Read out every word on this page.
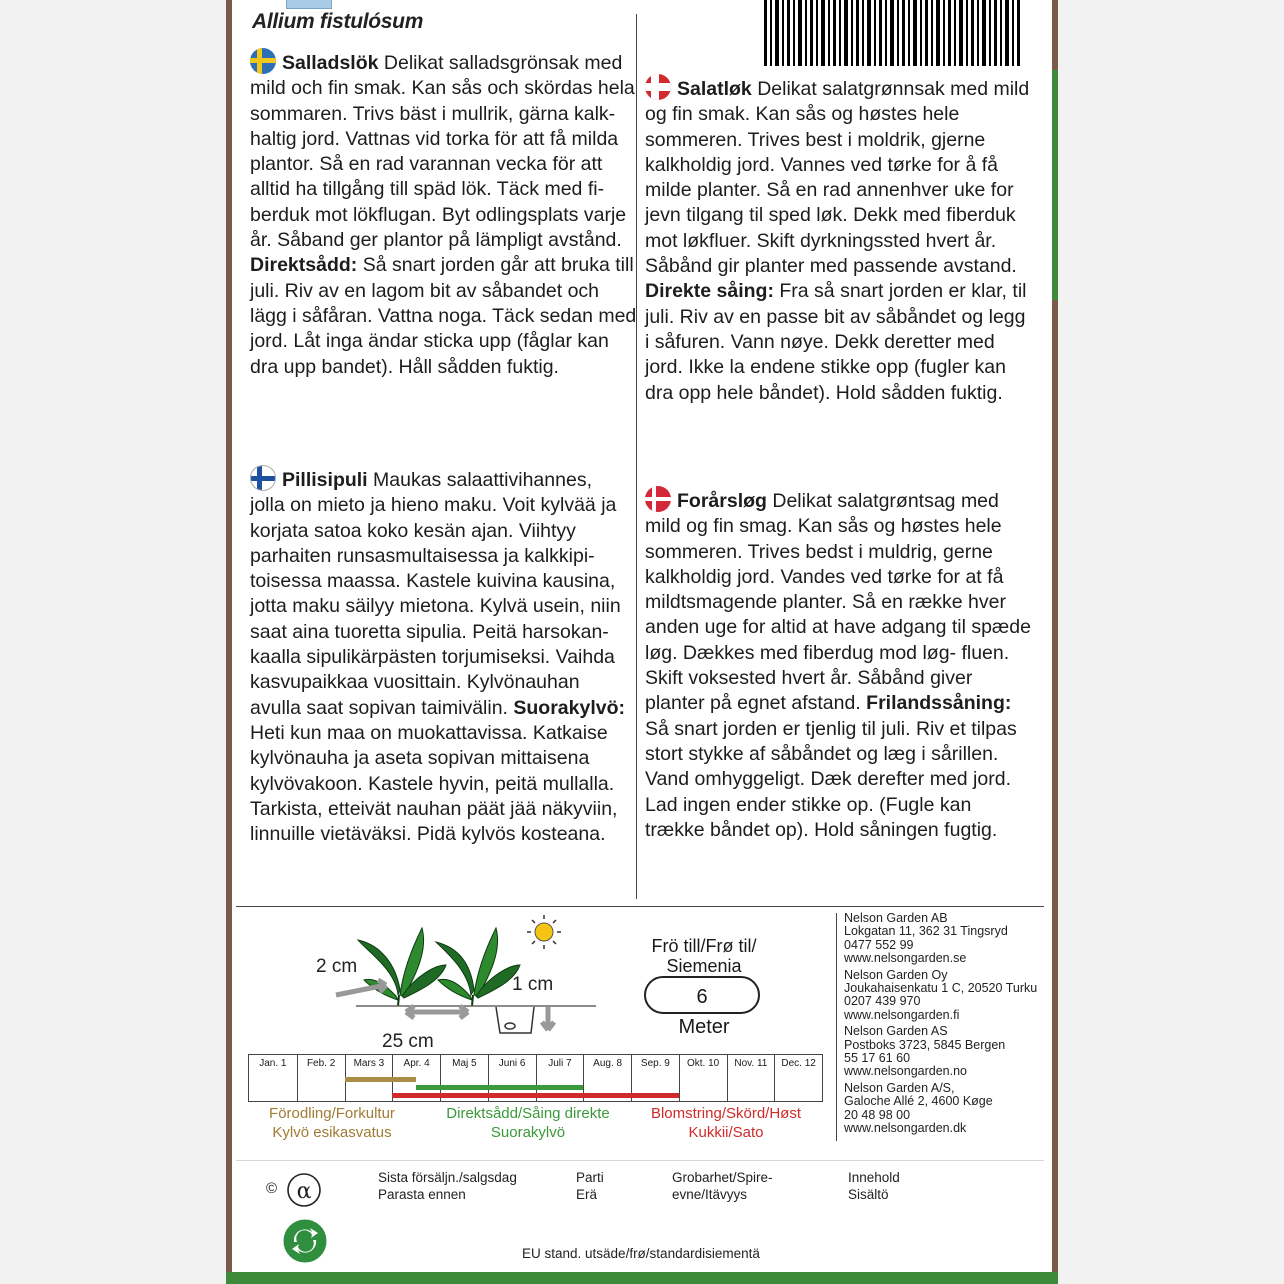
Allium fistulósum
Salladslök Delikat salladsgrönsak med mild och fin smak. Kan sås och skördas hela sommaren. Trivs bäst i mullrik, gärna kalk- haltig jord. Vattnas vid torka för att få milda plantor. Så en rad varannan vecka för att alltid ha tillgång till späd lök. Täck med fi- berduk mot lökflugan. Byt odlingsplats varje år. Såband ger plantor på lämpligt avstånd. Direktsådd: Så snart jorden går att bruka till juli. Riv av en lagom bit av såbandet och lägg i såfåran. Vattna noga. Täck sedan med jord. Låt inga ändar sticka upp (fåglar kan dra upp bandet). Håll sådden fuktig.
Salatløk Delikat salatgrønnsak med mild og fin smak. Kan sås og høstes hele sommeren. Trives best i moldrik, gjerne kalkholdig jord. Vannes ved tørke for å få milde planter. Så en rad annenhver uke for jevn tilgang til sped løk. Dekk med fiberduk mot løkfluer. Skift dyrkningssted hvert år. Såbånd gir planter med passende avstand. Direkte såing: Fra så snart jorden er klar, til juli. Riv av en passe bit av såbåndet og legg i såfuren. Vann nøye. Dekk deretter med jord. Ikke la endene stikke opp (fugler kan dra opp hele båndet). Hold sådden fuktig.
Pillisipuli Maukas salaattivihannes, jolla on mieto ja hieno maku. Voit kylvää ja korjata satoa koko kesän ajan. Viihtyy parhaiten runsasmultaisessa ja kalkkipi- toisessa maassa. Kastele kuivina kausina, jotta maku säilyy mietona. Kylvä usein, niin saat aina tuoretta sipulia. Peitä harsokan- kaalla sipulikärpästen torjumiseksi. Vaihda kasvupaikkaa vuosittain. Kylvönauhan avulla saat sopivan taimivälin. Suorakylvö: Heti kun maa on muokattavissa. Katkaise kylvönauha ja aseta sopivan mittaisena kylvövakoon. Kastele hyvin, peitä mullalla. Tarkista, etteivät nauhan päät jää näkyviin, linnuille vietäväksi. Pidä kylvös kosteana.
Forårsløg Delikat salatgrøntsag med mild og fin smag. Kan sås og høstes hele sommeren. Trives bedst i muldrig, gerne kalkholdig jord. Vandes ved tørke for at få mildtsmagende planter. Så en række hver anden uge for altid at have adgang til spæde løg. Dækkes med fiberdug mod løg- fluen. Skift voksested hvert år. Såbånd giver planter på egnet afstand. Frilandssåning: Så snart jorden er tjenlig til juli. Riv et tilpas stort stykke af såbåndet og læg i sårillen. Vand omhyggeligt. Dæk derefter med jord. Lad ingen ender stikke op. (Fugle kan trække båndet op). Hold såningen fugtig.
2 cm
25 cm
1 cm
Frö till/Frø til/
Siemenia
6
Meter
Jan. 1	Feb. 2	Mars 3	Apr. 4	Maj 5	Juni 6	Juli 7	Aug. 8	Sep. 9	Okt. 10	Nov. 11	Dec. 12
Förodling/Forkultur
Kylvö esikasvatus
Direktsådd/Såing direkte
Suorakylvö
Blomstring/Skörd/Høst
Kukkii/Sato
Nelson Garden AB
Lokgatan 11, 362 31 Tingsryd
0477 552 99
www.nelsongarden.se
Nelson Garden Oy
Joukahaisenkatu 1 C, 20520 Turku
0207 439 970
www.nelsongarden.fi
Nelson Garden AS
Postboks 3723, 5845 Bergen
55 17 61 60
www.nelsongarden.no
Nelson Garden A/S,
Galoche Allé 2, 4600 Køge
20 48 98 00
www.nelsongarden.dk
© α
Sista försäljn./salgsdag
Parasta ennen
Parti
Erä
Grobarhet/Spire-
evne/Itävyys
Innehold
Sisältö
EU stand. utsäde/frø/standardisiementä
